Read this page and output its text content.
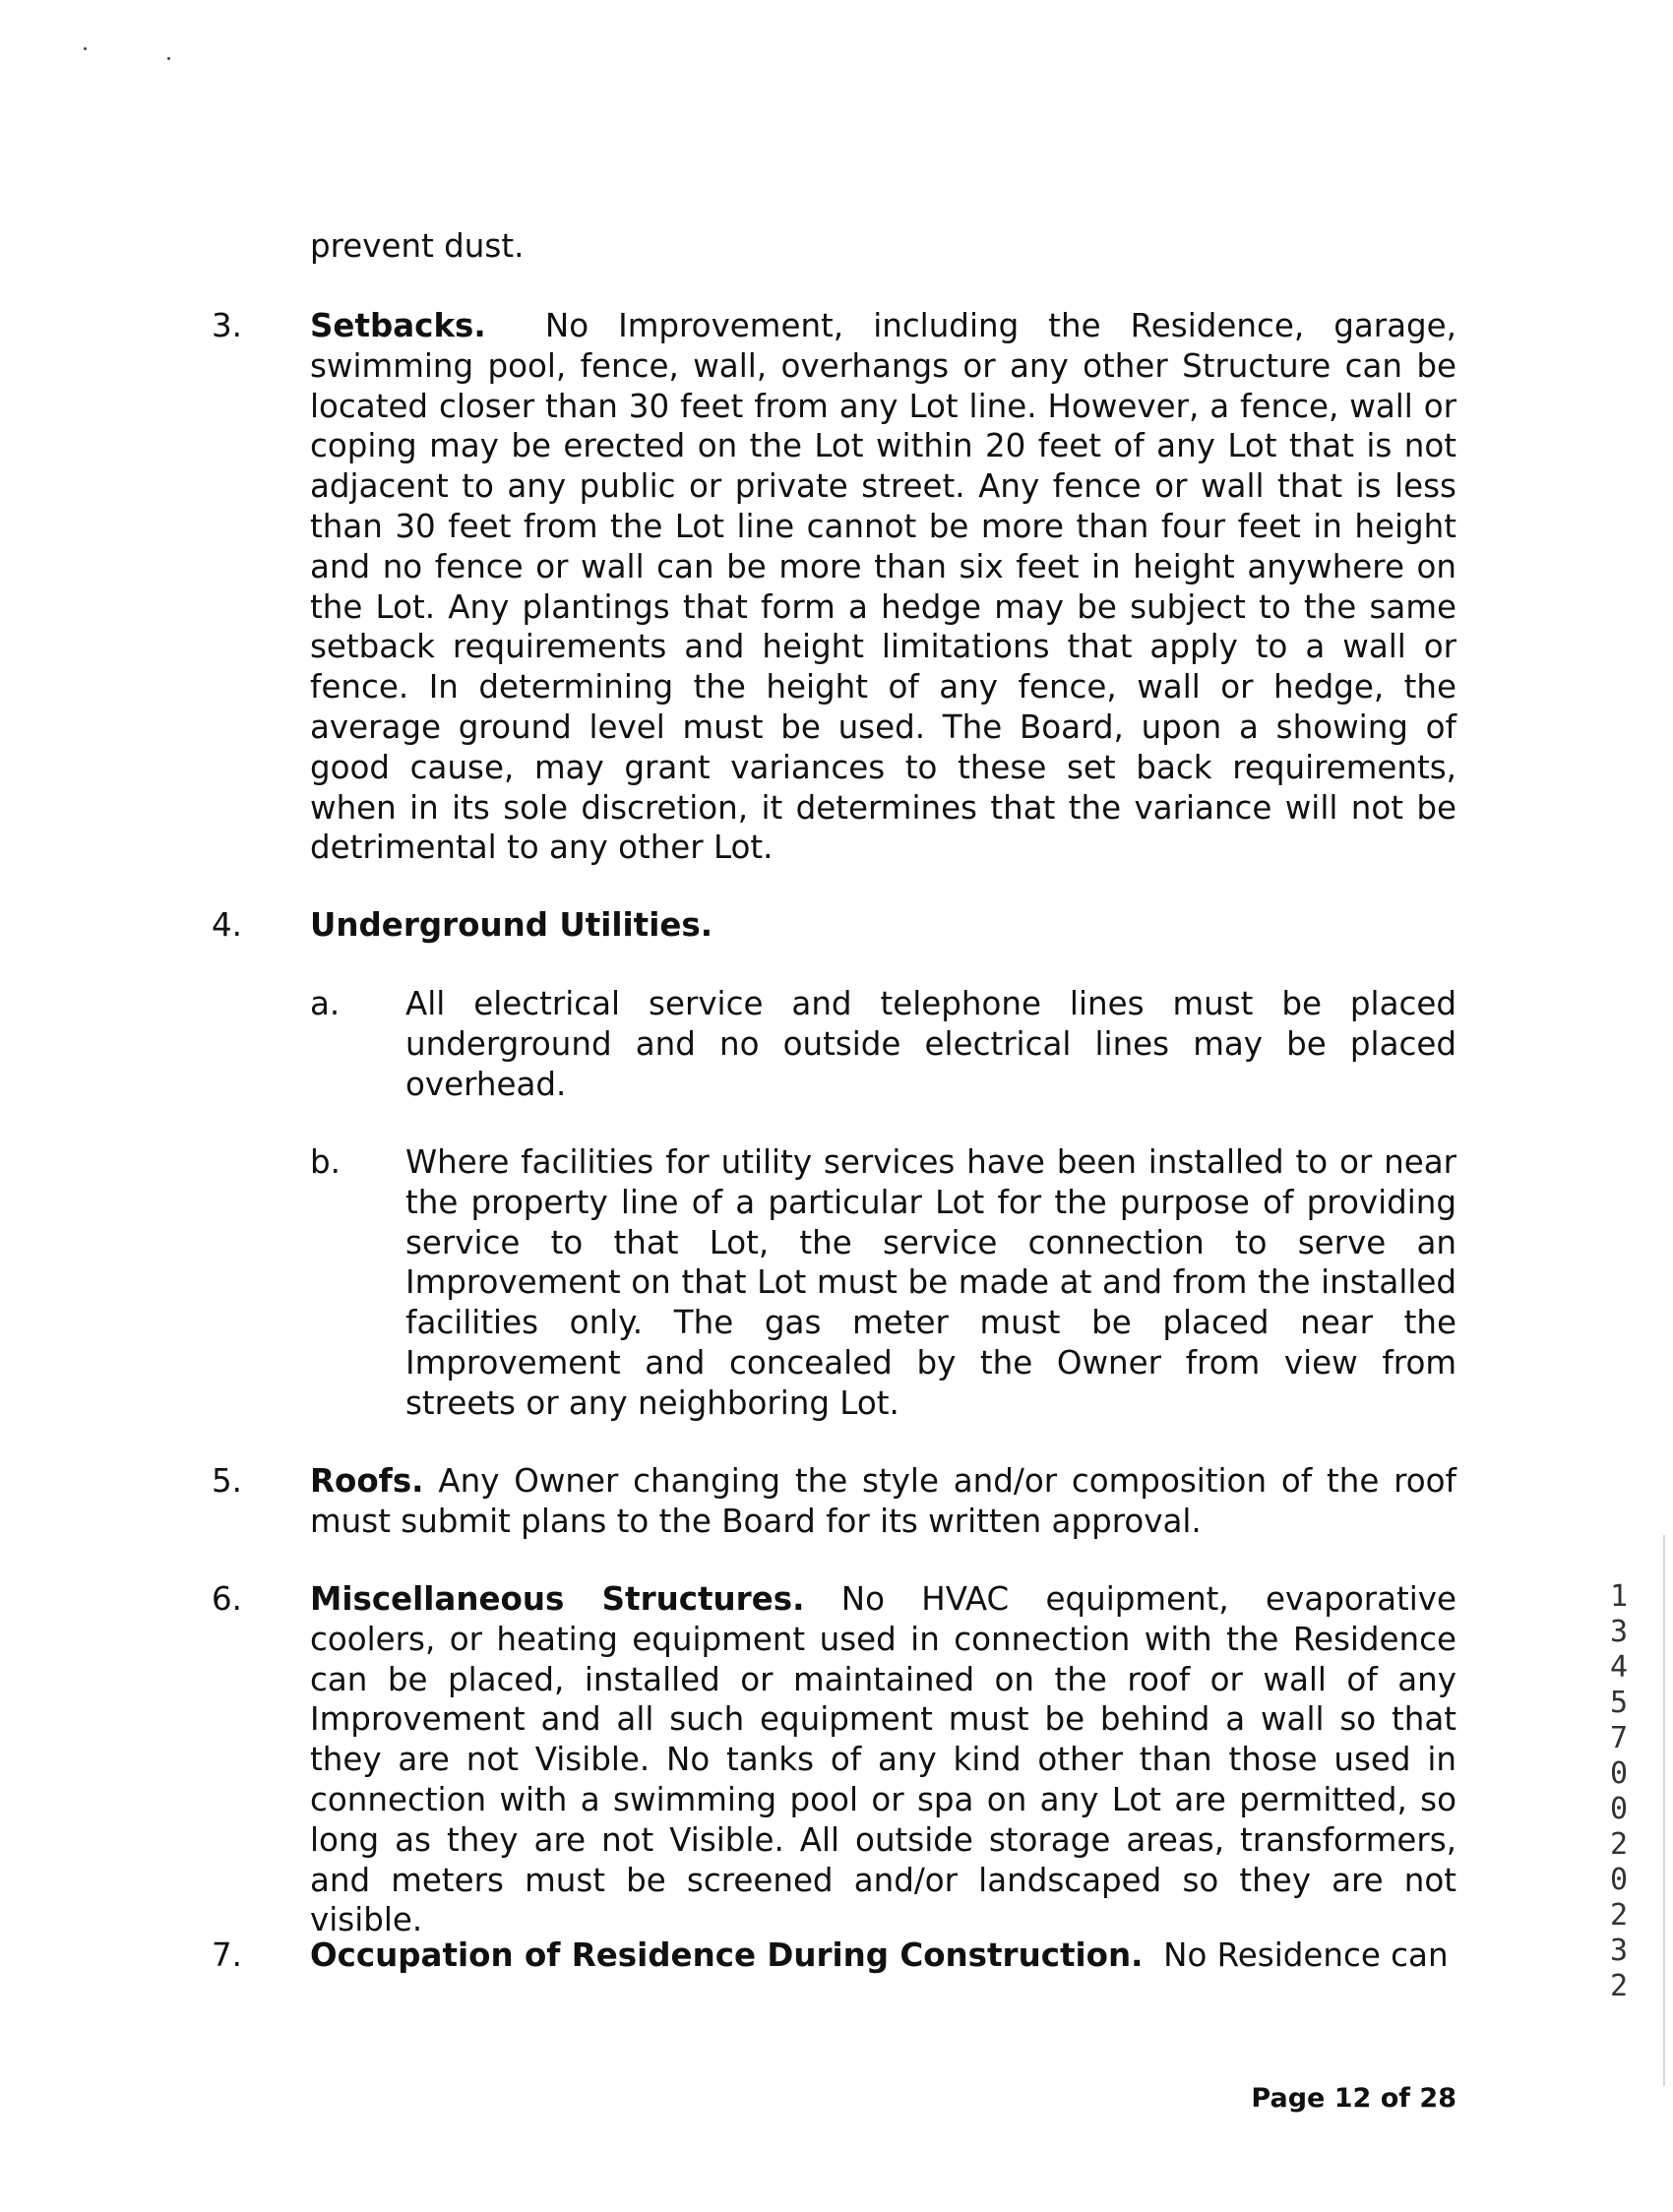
prevent dust.
3. Setbacks. No Improvement, including the Residence, garage, swimming pool, fence, wall, overhangs or any other Structure can be located closer than 30 feet from any Lot line. However, a fence, wall or coping may be erected on the Lot within 20 feet of any Lot that is not adjacent to any public or private street. Any fence or wall that is less than 30 feet from the Lot line cannot be more than four feet in height and no fence or wall can be more than six feet in height anywhere on the Lot. Any plantings that form a hedge may be subject to the same setback requirements and height limitations that apply to a wall or fence. In determining the height of any fence, wall or hedge, the average ground level must be used. The Board, upon a showing of good cause, may grant variances to these set back requirements, when in its sole discretion, it determines that the variance will not be detrimental to any other Lot.
4. Underground Utilities.
a. All electrical service and telephone lines must be placed underground and no outside electrical lines may be placed overhead.
b. Where facilities for utility services have been installed to or near the property line of a particular Lot for the purpose of providing service to that Lot, the service connection to serve an Improvement on that Lot must be made at and from the installed facilities only. The gas meter must be placed near the Improvement and concealed by the Owner from view from streets or any neighboring Lot.
5. Roofs. Any Owner changing the style and/or composition of the roof must submit plans to the Board for its written approval.
6. Miscellaneous Structures. No HVAC equipment, evaporative coolers, or heating equipment used in connection with the Residence can be placed, installed or maintained on the roof or wall of any Improvement and all such equipment must be behind a wall so that they are not Visible. No tanks of any kind other than those used in connection with a swimming pool or spa on any Lot are permitted, so long as they are not Visible. All outside storage areas, transformers, and meters must be screened and/or landscaped so they are not visible.
7. Occupation of Residence During Construction. No Residence can
13457 0020232
Page 12 of 28
